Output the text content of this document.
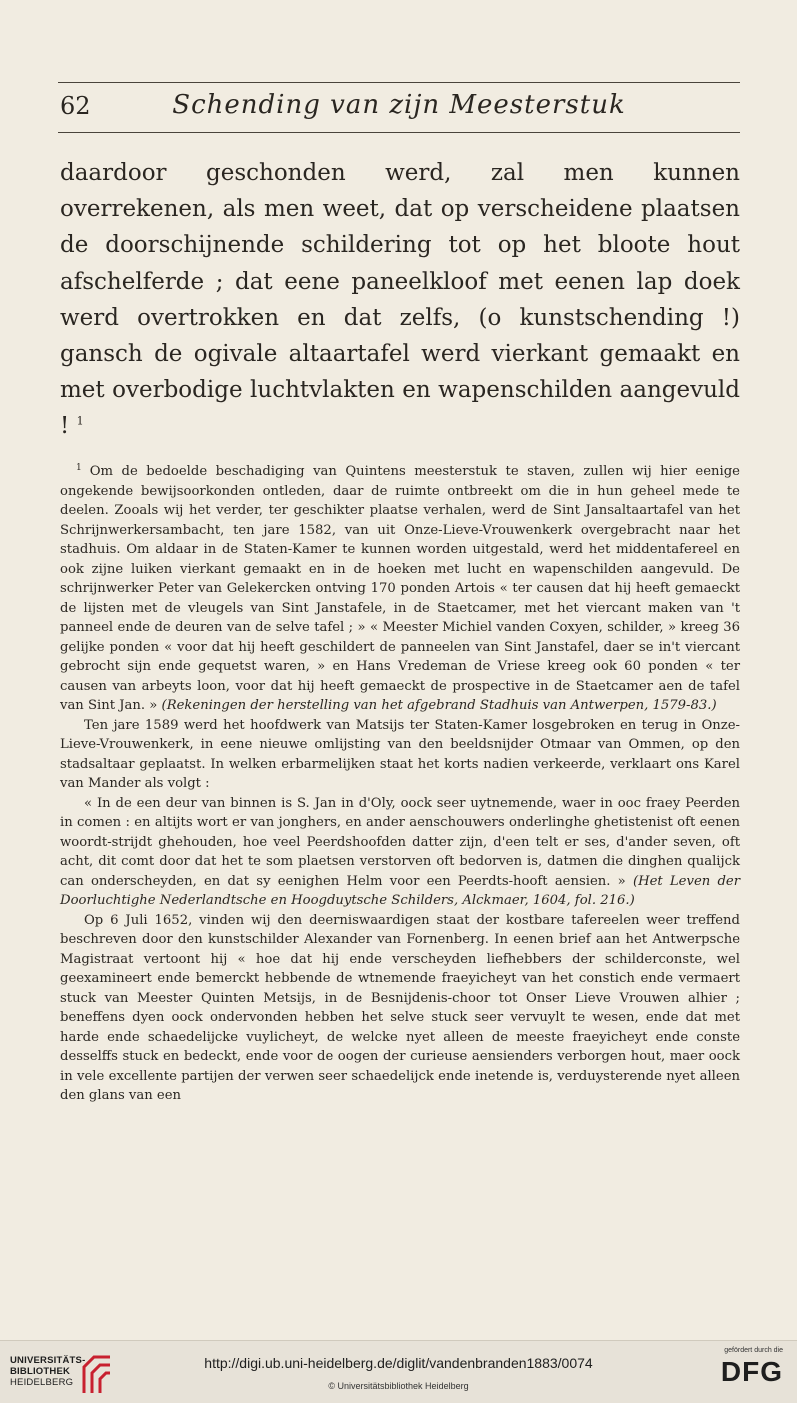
62	Schending van zijn Meesterstuk

daardoor geschonden werd, zal men kunnen overrekenen, als men weet, dat op verscheidene plaatsen de doorschijnende schildering tot op het bloote hout afschelferde ; dat eene paneelkloof met eenen lap doek werd overtrokken en dat zelfs, (o kunstschending !) gansch de ogivale altaartafel werd vierkant gemaakt en met overbodige luchtvlakten en wapenschilden aangevuld ! $^1$

$^1$ Om de bedoelde beschadiging van Quintens meesterstuk te staven, zullen wij hier eenige ongekende bewijsoorkonden ontleden, daar de ruimte ontbreekt om die in hun geheel mede te deelen. Zooals wij het verder, ter geschikter plaatse verhalen, werd de Sint Jansaltaartafel van het Schrijnwerkersambacht, ten jare 1582, van uit Onze-Lieve-Vrouwenkerk overgebracht naar het stadhuis. Om aldaar in de Staten-Kamer te kunnen worden uitgestald, werd het middentafereel en ook zijne luiken vierkant gemaakt en in de hoeken met lucht en wapenschilden aangevuld. De schrijnwerker Peter van Gelekercken ontving 170 ponden Artois « ter causen dat hij heeft gemaeckt de lijsten met de vleugels van Sint Janstafele, in de Staetcamer, met het viercant maken van 't panneel ende de deuren van de selve tafel ; » « Meester Michiel vanden Coxyen, schilder, » kreeg 36 gelijke ponden « voor dat hij heeft geschildert de panneelen van Sint Janstafel, daer se in't viercant gebrocht sijn ende gequetst waren, » en Hans Vredeman de Vriese kreeg ook 60 ponden « ter causen van arbeyts loon, voor dat hij heeft gemaeckt de prospective in de Staetcamer aen de tafel van Sint Jan. » (Rekeningen der herstelling van het afgebrand Stadhuis van Antwerpen, 1579-83.)

Ten jare 1589 werd het hoofdwerk van Matsijs ter Staten-Kamer losgebroken en terug in Onze-Lieve-Vrouwenkerk, in eene nieuwe omlijsting van den beeldsnijder Otmaar van Ommen, op den stadsaltaar geplaatst. In welken erbarmelijken staat het korts nadien verkeerde, verklaart ons Karel van Mander als volgt :

« In de een deur van binnen is S. Jan in d'Oly, oock seer uytnemende, waer in ooc fraey Peerden in comen : en altijts wort er van jonghers, en ander aenschouwers onderlinghe ghetistenist oft eenen woordt-strijdt ghehouden, hoe veel Peerdshoofden datter zijn, d'een telt er ses, d'ander seven, oft acht, dit comt door dat het te som plaetsen verstorven oft bedorven is, datmen die dinghen qualijck can onderscheyden, en dat sy eenighen Helm voor een Peerdts-hooft aensien. » (Het Leven der Doorluchtighe Nederlandtsche en Hoogduytsche Schilders, Alckmaer, 1604, fol. 216.)

Op 6 Juli 1652, vinden wij den deerniswaardigen staat der kostbare tafereelen weer treffend beschreven door den kunstschilder Alexander van Fornenberg. In eenen brief aan het Antwerpsche Magistraat vertoont hij « hoe dat hij ende verscheyden liefhebbers der schilderconste, wel geexamineert ende bemerckt hebbende de wtnemende fraeyicheyt van het constich ende vermaert stuck van Meester Quinten Metsijs, in de Besnijdenis-choor tot Onser Lieve Vrouwen alhier ; beneffens dyen oock ondervonden hebben het selve stuck seer vervuylt te wesen, ende dat met harde ende schaedelijcke vuylicheyt, de welcke nyet alleen de meeste fraeyicheyt ende conste desselffs stuck en bedeckt, ende voor de oogen der curieuse aensienders verborgen hout, maer oock in vele excellente partijen der verwen seer schaedelijck ende inetende is, verduysterende nyet alleen den glans van een

UNIVERSITÄTS-
BIBLIOTHEK
HEIDELBERG
http://digi.ub.uni-heidelberg.de/diglit/vandenbranden1883/0074
© Universitätsbibliothek Heidelberg
gefördert durch die
DFG
